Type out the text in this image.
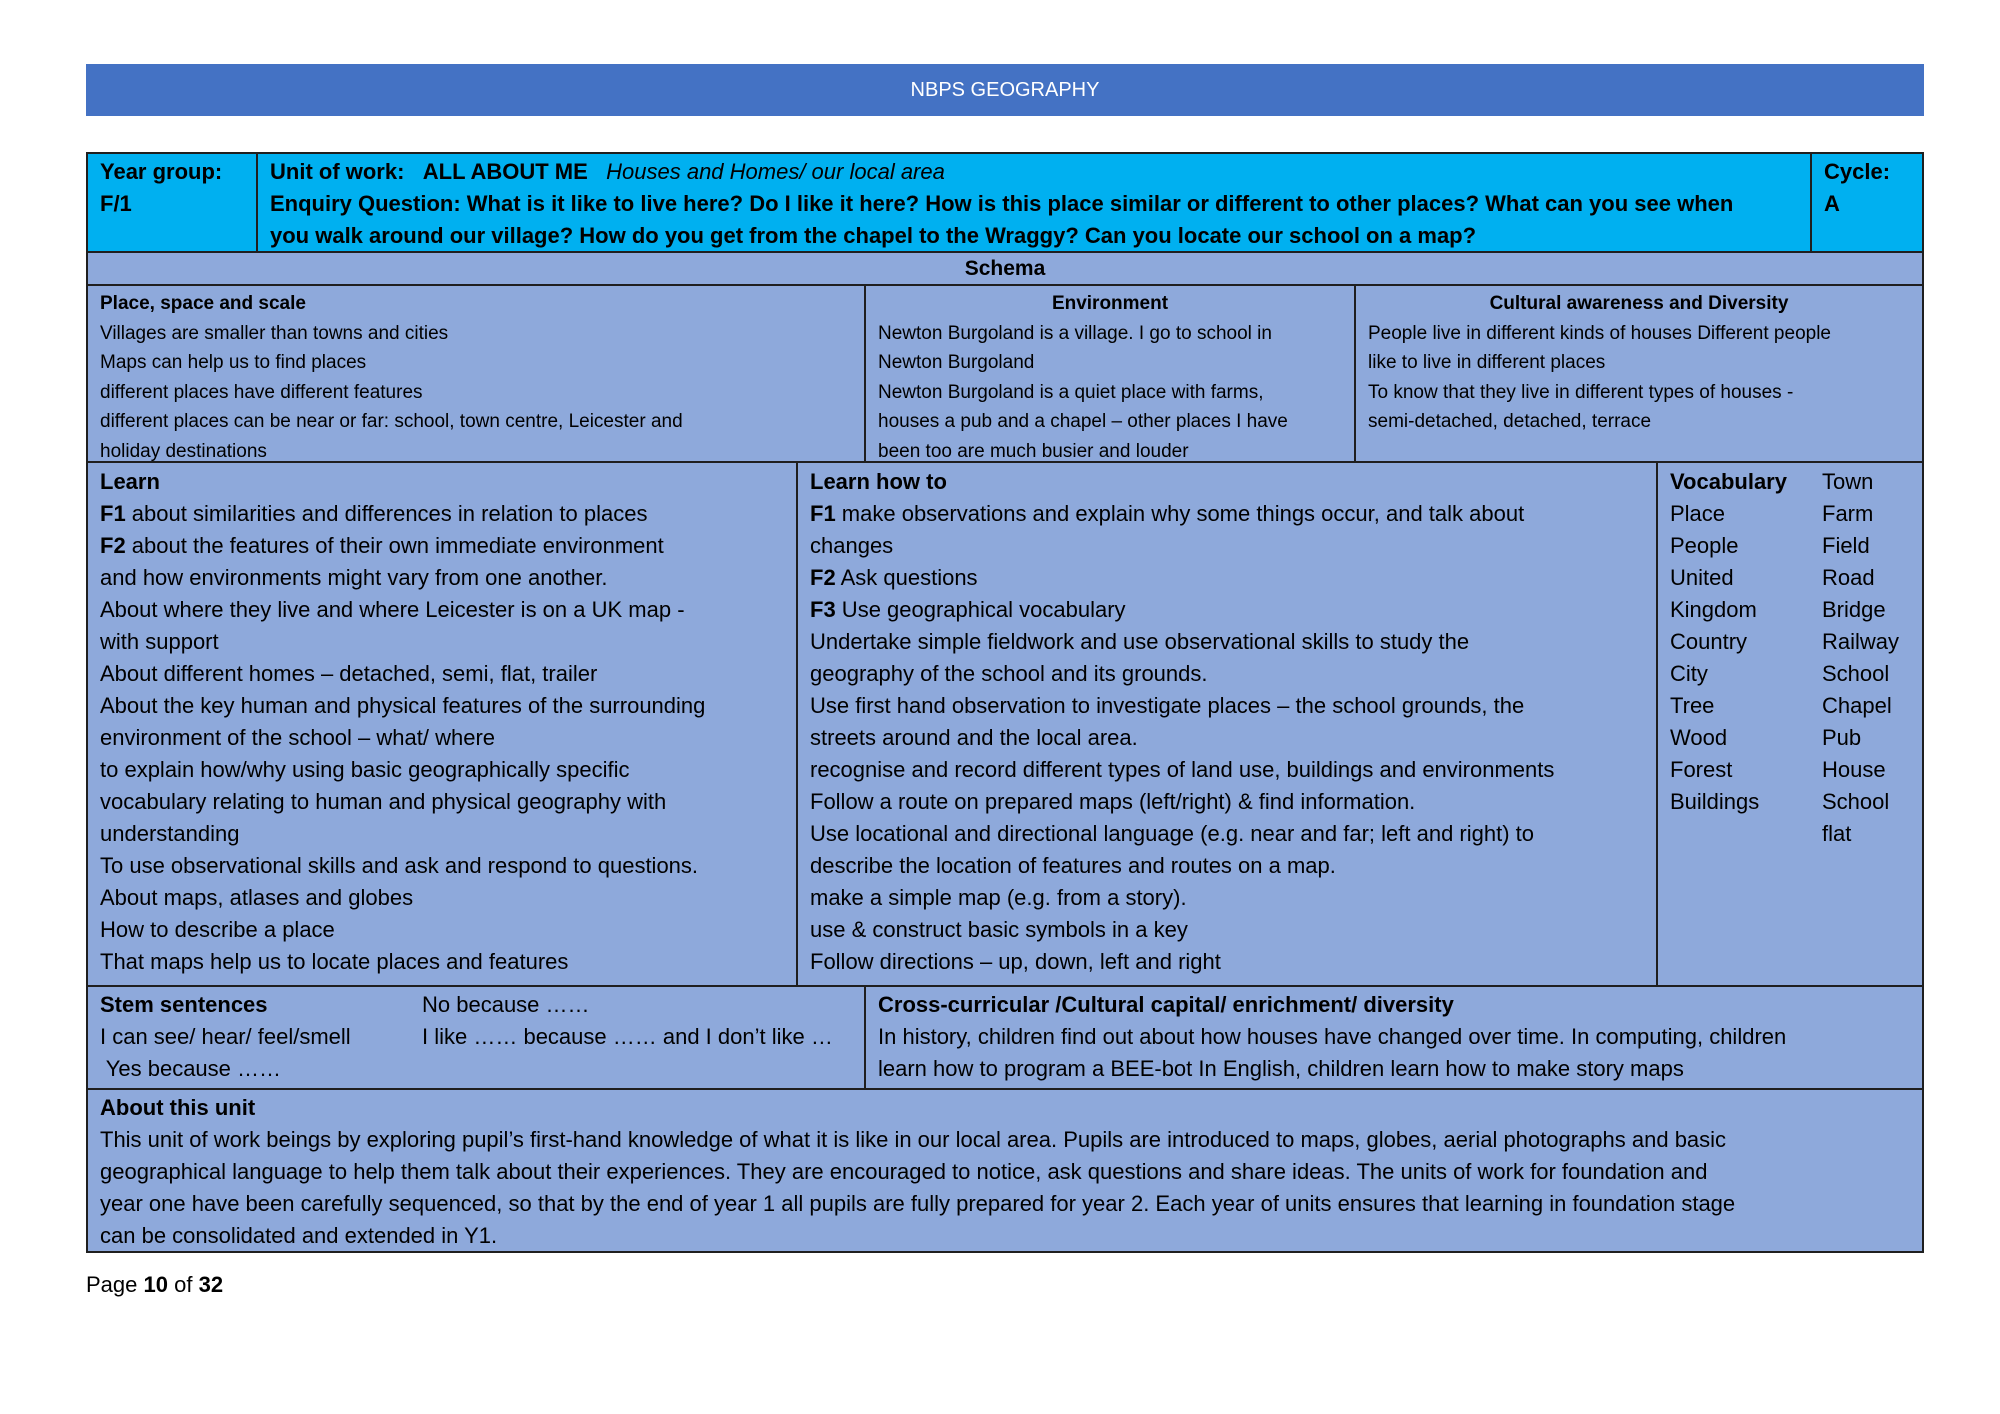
NBPS GEOGRAPHY
Year group:
F/1
Unit of work: ALL ABOUT ME Houses and Homes/ our local area
Enquiry Question: What is it like to live here? Do I like it here? How is this place similar or different to other places? What can you see when
you walk around our village? How do you get from the chapel to the Wraggy? Can you locate our school on a map?
Cycle:
A
Schema
Place, space and scale
Villages are smaller than towns and cities
Maps can help us to find places
different places have different features
different places can be near or far: school, town centre, Leicester and
holiday destinations
Environment
Newton Burgoland is a village. I go to school in
Newton Burgoland
Newton Burgoland is a quiet place with farms,
houses a pub and a chapel – other places I have
been too are much busier and louder
Cultural awareness and Diversity
People live in different kinds of houses Different people
like to live in different places
To know that they live in different types of houses -
semi-detached, detached, terrace
Learn
F1 about similarities and differences in relation to places
F2 about the features of their own immediate environment
and how environments might vary from one another.
About where they live and where Leicester is on a UK map -
with support
About different homes – detached, semi, flat, trailer
About the key human and physical features of the surrounding
environment of the school – what/ where
to explain how/why using basic geographically specific
vocabulary relating to human and physical geography with
understanding
To use observational skills and ask and respond to questions.
About maps, atlases and globes
How to describe a place
That maps help us to locate places and features
Learn how to
F1 make observations and explain why some things occur, and talk about
changes
F2 Ask questions
F3 Use geographical vocabulary
Undertake simple fieldwork and use observational skills to study the
geography of the school and its grounds.
Use first hand observation to investigate places – the school grounds, the
streets around and the local area.
recognise and record different types of land use, buildings and environments
Follow a route on prepared maps (left/right) & find information.
Use locational and directional language (e.g. near and far; left and right) to
describe the location of features and routes on a map.
make a simple map (e.g. from a story).
use & construct basic symbols in a key
Follow directions – up, down, left and right
Vocabulary
Place
People
United
Kingdom
Country
City
Tree
Wood
Forest
Buildings
Town
Farm
Field
Road
Bridge
Railway
School
Chapel
Pub
House
School
flat
Stem sentences	No because ……
I can see/ hear/ feel/smell	I like …… because …… and I don’t like …
Yes because ……
Cross-curricular /Cultural capital/ enrichment/ diversity
In history, children find out about how houses have changed over time. In computing, children
learn how to program a BEE-bot In English, children learn how to make story maps
About this unit
This unit of work beings by exploring pupil’s first-hand knowledge of what it is like in our local area. Pupils are introduced to maps, globes, aerial photographs and basic
geographical language to help them talk about their experiences. They are encouraged to notice, ask questions and share ideas. The units of work for foundation and
year one have been carefully sequenced, so that by the end of year 1 all pupils are fully prepared for year 2. Each year of units ensures that learning in foundation stage
can be consolidated and extended in Y1.
Page 10 of 32
